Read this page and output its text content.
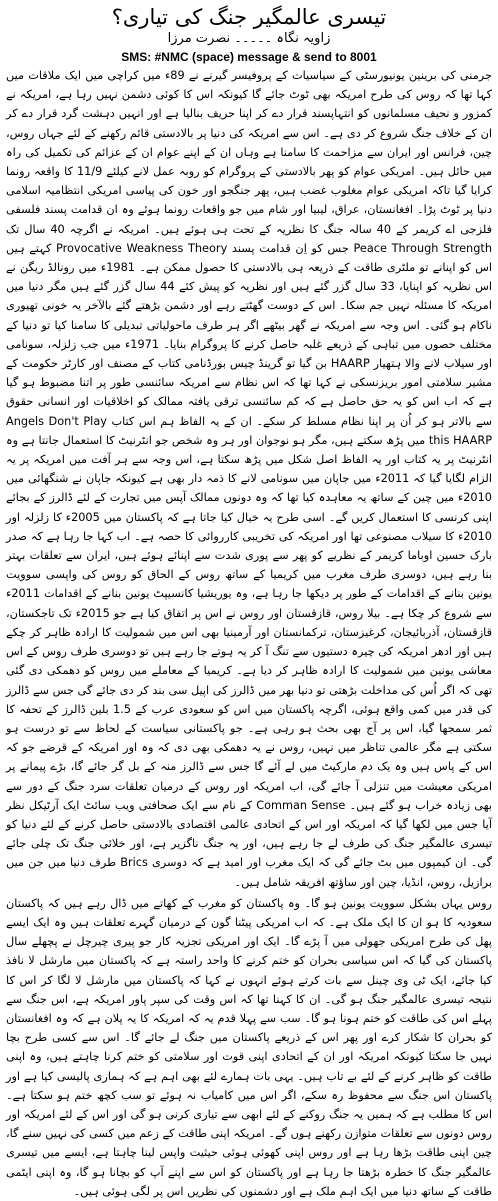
تیسری عالمگیر جنگ کی تیاری؟
زاویہ نگاہ ۔۔۔۔۔ نصرت مرزا
SMS: #NMC (space) message & send to 8001

جرمنی کی برینین یونیورسٹی کے سیاسیات کے پروفیسر گیرنے نے 89ء میں کراچی میں ایک ملاقات میں کہا تھا کہ روس کی طرح امریکہ بھی ٹوٹ جائے گا کیونکہ اس کا کوئی دشمن نہیں رہا ہے، امریکہ نے کمزور و نحیف مسلمانوں کو انتہاپسند قرار دے کر اپنا حریف بنالیا ہے اور انہیں دہشت گرد قرار دے کر ان کے خلاف جنگ شروع کر دی ہے۔ اس سے امریکہ کی دنیا پر بالادستی قائم رکھنے کے لئے جہاں روس، چین، فرانس اور ایران سے مزاحمت کا سامنا ہے وہاں ان کے اپنے عوام ان کے عزائم کی تکمیل کی راہ میں حائل ہیں۔ امریکی عوام کو پھر بالادستی کے پروگرام کو روبہ عمل لانے کیلئے 11/9 کا واقعہ رونما کرایا گیا تاکہ امریکی عوام مغلوب غضب ہیں، پھر جنگجو اور خون کی پیاسی امریکی انتظامیہ اسلامی دنیا پر ٹوٹ پڑا۔ افغانستان، عراق، لیبیا اور شام میں جو واقعات رونما ہوئے وہ ان قدامت پسند فلسفی فلزجی اے کریمر کے 40 سالہ جنگ کا نظریہ کے تحت ہی ہوئے ہیں۔ امریکہ نے اگرچہ 40 سال تک Peace Through Strength جس کو اِن قدامت پسند Provocative Weakness Theory کہتے ہیں اس کو اپنانے تو ملٹری طاقت کے ذریعہ ہی بالادستی کا حصول ممکن ہے۔ 1981ء میں رونالڈ ریگن نے اس نظریہ کو اپنایا، 33 سال گزر گئے ہیں اور نظریہ کو پیش کئے 44 سال گزر گئے ہیں مگر دنیا میں امریکہ کا مسئلہ نہیں جم سکا۔ اس کے دوست گھٹتے رہے اور دشمن بڑھتے گئے بالآخر یہ خونی تھیوری ناکام ہو گئی۔ اس وجہ سے امریکہ نے گھر بیٹھے اگر ہر طرف ماحولیاتی تبدیلی کا سامنا کیا تو دنیا کے مختلف حصوں میں تباہی کے ذریعے غلبہ حاصل کرنے کا پروگرام بنایا۔ 1971ء میں جب زلزلہ، سونامی اور سیلاب لانے والا ہتھیار HAARP بن گیا تو گرینڈ چیس بورڈنامی کتاب کے مصنف اور کارٹر حکومت کے مشیر سلامتی امور بریزنسکی نے کہا تھا کہ اس نظام سے امریکہ سائنسی طور پر اتنا مضبوط ہو گیا ہے کہ اب اس کو یہ حق حاصل ہے کہ کم سائنسی ترقی یافتہ ممالک کو اخلاقیات اور انسانی حقوق سے بالاتر ہو کر اُن پر اپنا نظام مسلط کر سکے۔ ان کے یہ الفاظ ہم اس کتاب Angels Don't Play this HAARP میں پڑھ سکتے ہیں، مگر ہو نوجوان اور ہر وہ شخص جو انٹرنیٹ کا استعمال جانتا ہے وہ انٹرنیٹ پر یہ کتاب اور یہ الفاظ اصل شکل میں پڑھ سکتا ہے، اس وجہ سے ہر آفت میں امریکہ پر یہ الزام لگایا گیا کہ 2011ء میں جاپان میں سونامی لانے کا ذمہ دار بھی ہے کیونکہ جاپان نے شنگھائی میں 2010ء میں چین کے ساتھ یہ معاہدہ کیا تھا کہ وہ دونوں ممالک آپس میں تجارت کے لئے ڈالرز کے بجائے اپنی کرنسی کا استعمال کریں گے۔ اسی طرح یہ خیال کیا جاتا ہے کہ پاکستان میں 2005ء کا زلزلہ اور 2010ء کا سیلاب مصنوعی تھا اور امریکہ کی تخریبی کارروائی کا حصہ ہے۔ اب کہا جا رہا ہے کہ صدر بارک حسین اوباما کریمر کے نظریے کو پھر سے پوری شدت سے اپنائے ہوئے ہیں، ایران سے تعلقات بہتر بنا رہے ہیں، دوسری طرف مغرب میں کریمیا کے ساتھ روس کے الحاق کو روس کی واپسی سوویت یونین بنانے کے اقدامات کے طور پر دیکھا جا رہا ہے، وہ یوریشیا کانسیپٹ یونین بنانے کے اقدامات 2011ء سے شروع کر چکا ہے۔ بیلا روس، قازقستان اور روس نے اس پر اتفاق کیا ہے جو 2015ء تک تاجکستان، قازقستان، آذربائیجان، کرغیزستان، ترکمانستان اور آرمینیا بھی اس میں شمولیت کا ارادہ ظاہر کر چکے ہیں اور ادھر امریکہ کی چیرہ دستیوں سے تنگ آ کر یہ ہوتے جا رہے ہیں تو دوسری طرف روس کے اس معاشی یونین میں شمولیت کا ارادہ ظاہر کر دیا ہے۔ کریمیا کے معاملے میں روس کو دھمکی دی گئی تھی کہ اگر اُس کی مداخلت بڑھتی تو دنیا بھر میں ڈالرز کی اپیل سی بند کر دی جائے گی جس سے ڈالرز کی قدر میں کمی واقع ہوئی، اگرچہ پاکستان میں اس کو سعودی عرب کے 1.5 بلین ڈالرز کے تحفہ کا ثمر سمجھا گیا، اس پر آج بھی بحث ہو رہی ہے۔ جو پاکستانی سیاست کے لحاظ سے تو درست ہو سکتی ہے مگر عالمی تناظر میں نہیں، روس نے یہ دھمکی بھی دی کہ وہ اور امریکہ کے قرضے جو کہ اس کے پاس ہیں وہ یک دم مارکیٹ میں لے آئے گا جس سے ڈالرز منہ کے بل گر جائے گا، بڑے پیمانے پر امریکی معیشت میں تنزلی آ جائے گی، اب امریکہ اور روس کے درمیان تعلقات سرد جنگ کے دور سے بھی زیادہ خراب ہو گئے ہیں۔ Comman Sense کے نام سے ایک صحافتی ویب سائٹ ایک آرٹیکل نظر آیا جس میں لکھا گیا کہ امریکہ اور اس کے اتحادی عالمی اقتصادی بالادستی حاصل کرنے کے لئے دنیا کو تیسری عالمگیر جنگ کی طرف لے جا رہے ہیں، اور یہ جنگ ناگزیر ہے، اور خلائی جنگ تک چلی جائے گی۔ ان کیمپوں میں بٹ جائے گی کہ ایک مغرب اور امید ہے کہ دوسری Brics طرف دنیا میں جن میں برازیل، روس، انڈیا، چین اور ساؤتھ افریقہ شامل ہیں۔

روس یہاں بشکل سوویت یونین ہو گا۔ وہ پاکستان کو مغرب کے کھاتے میں ڈال رہے ہیں کہ پاکستان سعودیہ کا ہو ان کا ایک ملک ہے۔ کہ اب امریکی پیٹنا گون کے درمیان گہرے تعلقات ہیں وہ ایک ایسے پھل کی طرح امریکی جھولی میں آ پڑے گا۔ ایک اور امریکی تجزیہ کار جو پیری چیرچل نے پچھلے سال پاکستان کی گیا کہ اس سیاسی بحران کو ختم کرنے کا واحد راستہ ہے کہ پاکستان میں مارشل لا نافذ کیا جائے، ایک ٹی وی چینل سے بات کرتے ہوئے انہوں نے کہا کہ پاکستان میں مارشل لا لگا کر اس کا نتیجہ تیسری عالمگیر جنگ ہو گی۔ ان کا کہنا تھا کہ اس وقت کی سپر پاور امریکہ ہے، اس جنگ سے پہلے اس کی طاقت کو ختم ہونا ہو گا۔ سب سے پہلا قدم یہ کہ امریکہ کا یہ پلان ہے کہ وہ افغانستان کو بحران کا شکار کرے اور پھر اس کے ذریعے پاکستان میں جنگ لے جائے گا۔ اس سے کسی طرح بچا نہیں جا سکتا کیونکہ امریکہ اور ان کے اتحادی اپنی قوت اور سلامتی کو ختم کرنا چاہتے ہیں، وہ اپنی طاقت کو ظاہر کرنے کے لئے بے تاب ہیں۔ یہی بات ہمارے لئے بھی اہم ہے کہ ہماری پالیسی کیا ہے اور پاکستان اس جنگ سے محفوظ رہ سکے، اگر اس میں کامیاب نہ ہوئے تو سب کچھ ختم ہو سکتا ہے۔ اس کا مطلب ہے کہ ہمیں یہ جنگ روکنے کے لئے ابھی سے تیاری کرنی ہو گی اور اس کے لئے امریکہ اور روس دونوں سے تعلقات متوازن رکھنے ہوں گے۔ امریکہ اپنی طاقت کے زعم میں کسی کی نہیں سنے گا، چین اپنی طاقت بڑھا رہا ہے اور روس اپنی کھوئی ہوئی حیثیت واپس لینا چاہتا ہے، ایسے میں تیسری عالمگیر جنگ کا خطرہ بڑھتا جا رہا ہے اور پاکستان کو اس سے اپنے آپ کو بچانا ہو گا، وہ اپنی ایٹمی طاقت کے ساتھ دنیا میں ایک اہم ملک ہے اور دشمنوں کی نظریں اس پر لگی ہوئی ہیں۔
